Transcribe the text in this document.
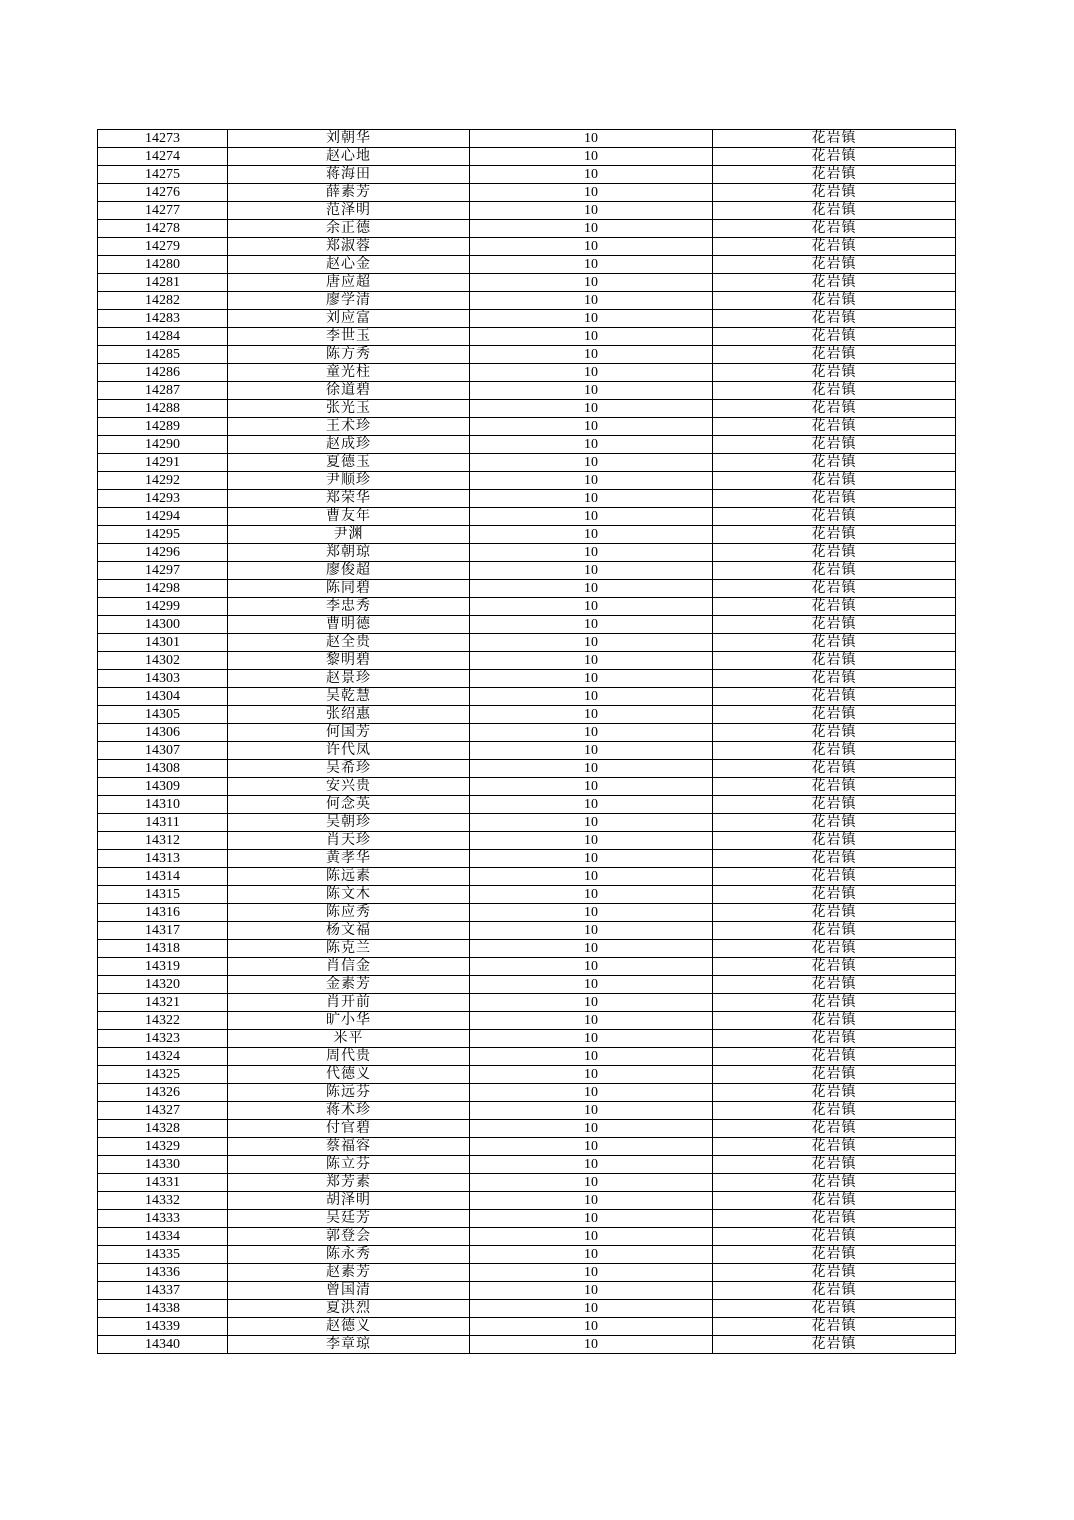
14273	刘朝华	10	花岩镇
14274	赵心地	10	花岩镇
14275	蒋海田	10	花岩镇
14276	薛素芳	10	花岩镇
14277	范泽明	10	花岩镇
14278	余正德	10	花岩镇
14279	郑淑蓉	10	花岩镇
14280	赵心金	10	花岩镇
14281	唐应超	10	花岩镇
14282	廖学清	10	花岩镇
14283	刘应富	10	花岩镇
14284	李世玉	10	花岩镇
14285	陈方秀	10	花岩镇
14286	童光柱	10	花岩镇
14287	徐道碧	10	花岩镇
14288	张光玉	10	花岩镇
14289	王术珍	10	花岩镇
14290	赵成珍	10	花岩镇
14291	夏德玉	10	花岩镇
14292	尹顺珍	10	花岩镇
14293	郑荣华	10	花岩镇
14294	曹友年	10	花岩镇
14295	尹渊	10	花岩镇
14296	郑朝琼	10	花岩镇
14297	廖俊超	10	花岩镇
14298	陈同碧	10	花岩镇
14299	李忠秀	10	花岩镇
14300	曹明德	10	花岩镇
14301	赵全贵	10	花岩镇
14302	黎明碧	10	花岩镇
14303	赵景珍	10	花岩镇
14304	吴乾慧	10	花岩镇
14305	张绍惠	10	花岩镇
14306	何国芳	10	花岩镇
14307	许代凤	10	花岩镇
14308	吴希珍	10	花岩镇
14309	安兴贵	10	花岩镇
14310	何念英	10	花岩镇
14311	吴朝珍	10	花岩镇
14312	肖天珍	10	花岩镇
14313	黄孝华	10	花岩镇
14314	陈远素	10	花岩镇
14315	陈文木	10	花岩镇
14316	陈应秀	10	花岩镇
14317	杨文福	10	花岩镇
14318	陈克兰	10	花岩镇
14319	肖信金	10	花岩镇
14320	金素芳	10	花岩镇
14321	肖开前	10	花岩镇
14322	旷小华	10	花岩镇
14323	米平	10	花岩镇
14324	周代贵	10	花岩镇
14325	代德义	10	花岩镇
14326	陈远芬	10	花岩镇
14327	蒋术珍	10	花岩镇
14328	付官碧	10	花岩镇
14329	蔡福容	10	花岩镇
14330	陈立芬	10	花岩镇
14331	郑芳素	10	花岩镇
14332	胡泽明	10	花岩镇
14333	吴廷芳	10	花岩镇
14334	郭登会	10	花岩镇
14335	陈永秀	10	花岩镇
14336	赵素芳	10	花岩镇
14337	曾国清	10	花岩镇
14338	夏洪烈	10	花岩镇
14339	赵德义	10	花岩镇
14340	李章琼	10	花岩镇
